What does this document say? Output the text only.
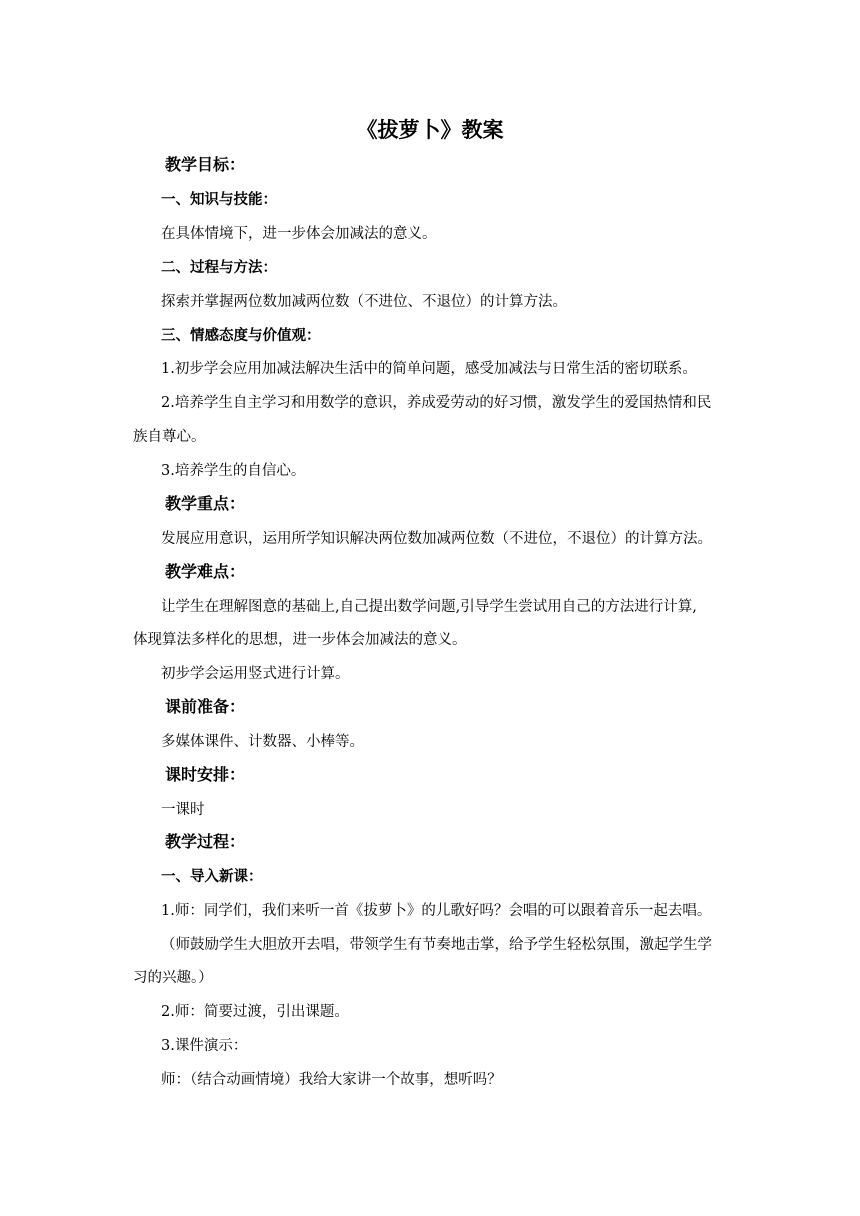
《拔萝卜》教案

教学目标：

一、知识与技能：

在具体情境下，进一步体会加减法的意义。

二、过程与方法：

探索并掌握两位数加减两位数（不进位、不退位）的计算方法。

三、情感态度与价值观：

1.初步学会应用加减法解决生活中的简单问题，感受加减法与日常生活的密切联系。

2.培养学生自主学习和用数学的意识，养成爱劳动的好习惯，激发学生的爱国热情和民

族自尊心。

3.培养学生的自信心。

教学重点：

发展应用意识，运用所学知识解决两位数加减两位数（不进位，不退位）的计算方法。

教学难点：

让学生在理解图意的基础上,自己提出数学问题,引导学生尝试用自己的方法进行计算,

体现算法多样化的思想，进一步体会加减法的意义。

初步学会运用竖式进行计算。

课前准备：

多媒体课件、计数器、小棒等。

课时安排：

一课时

教学过程：

一、导入新课：

1.师：同学们，我们来听一首《拔萝卜》的儿歌好吗？会唱的可以跟着音乐一起去唱。

（师鼓励学生大胆放开去唱，带领学生有节奏地击掌，给予学生轻松氛围，激起学生学

习的兴趣。）

2.师：简要过渡，引出课题。

3.课件演示：

师：（结合动画情境）我给大家讲一个故事，想听吗？
